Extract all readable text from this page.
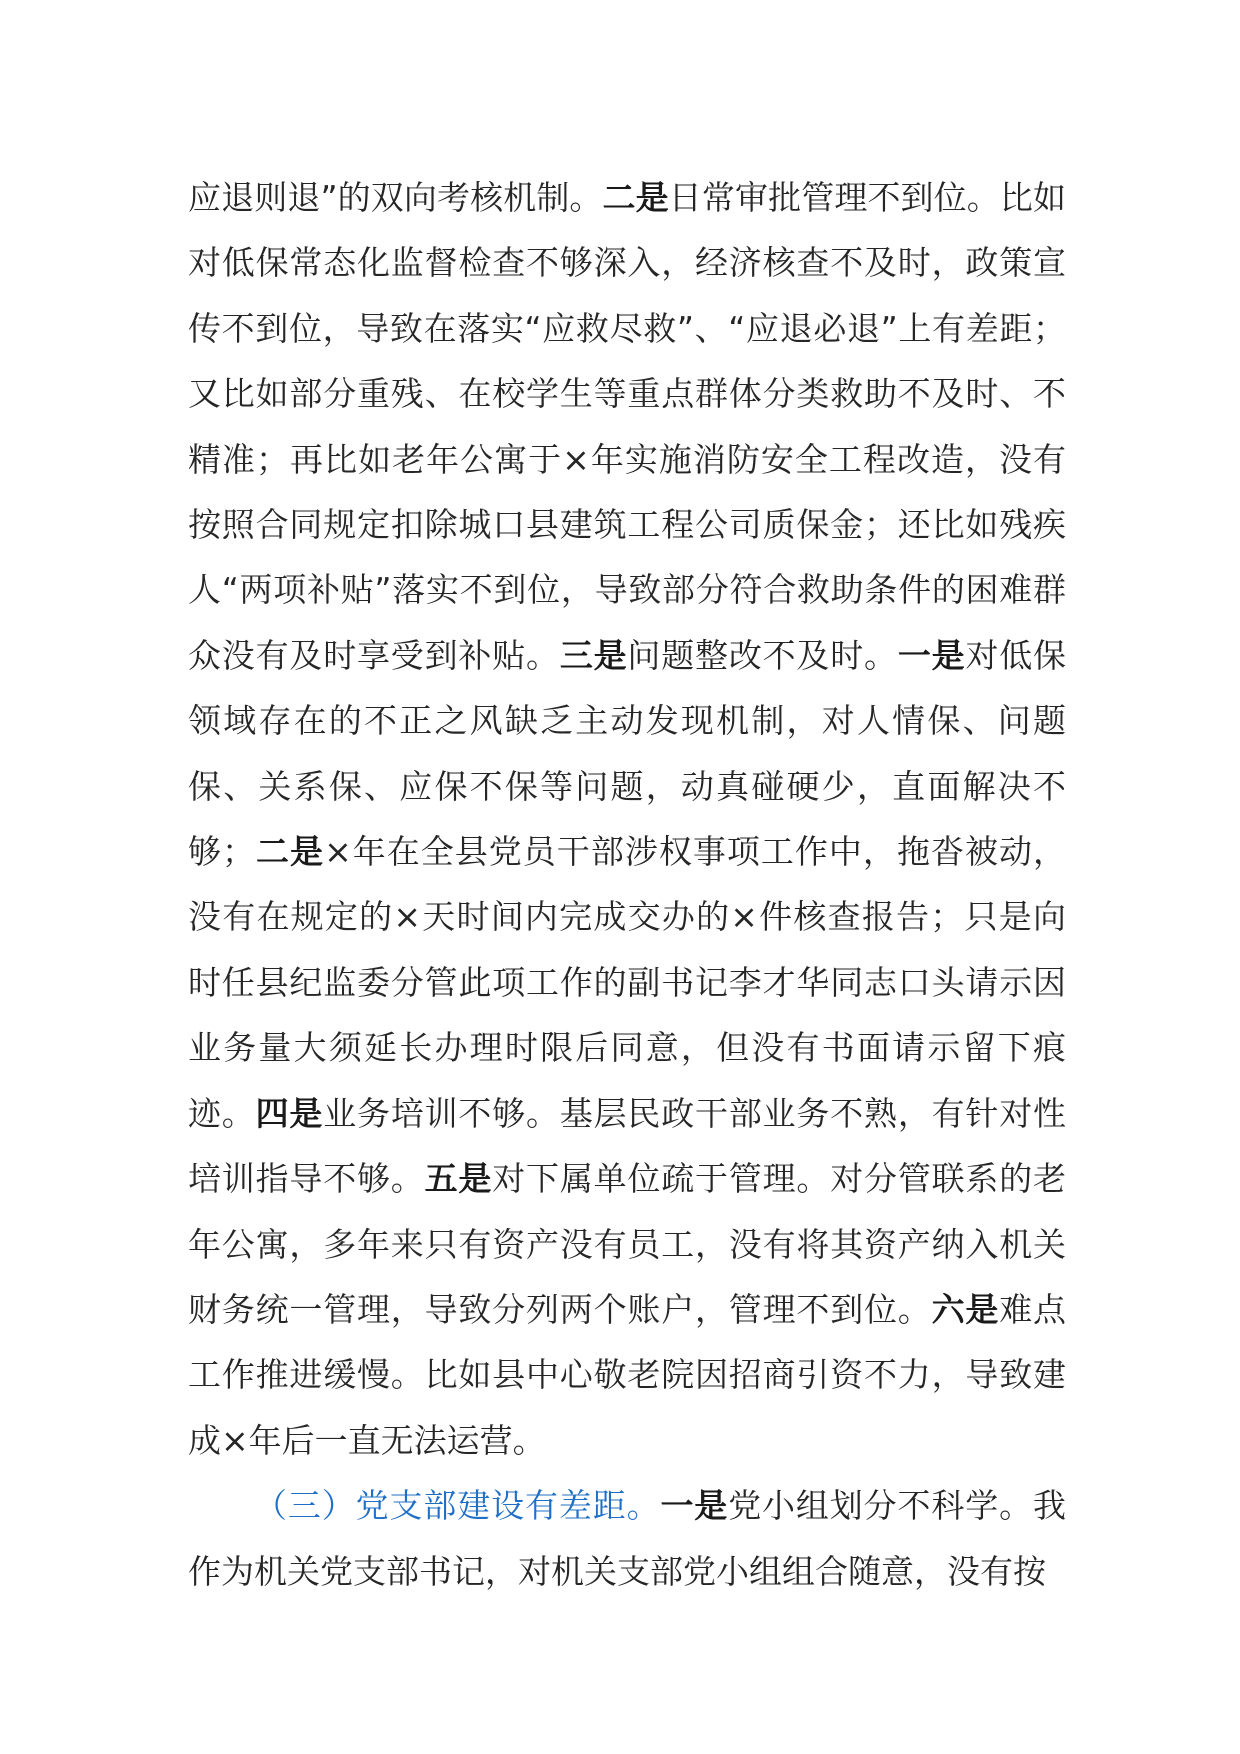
应退则退”的双向考核机制。二是日常审批管理不到位。比如对低保常态化监督检查不够深入，经济核查不及时，政策宣传不到位，导致在落实“应救尽救”、“应退必退”上有差距；又比如部分重残、在校学生等重点群体分类救助不及时、不精准；再比如老年公寓于×年实施消防安全工程改造，没有按照合同规定扣除城口县建筑工程公司质保金；还比如残疾人“两项补贴”落实不到位，导致部分符合救助条件的困难群众没有及时享受到补贴。三是问题整改不及时。一是对低保领域存在的不正之风缺乏主动发现机制，对人情保、问题保、关系保、应保不保等问题，动真碰硬少，直面解决不够；二是×年在全县党员干部涉权事项工作中，拖沓被动，没有在规定的×天时间内完成交办的×件核查报告；只是向时任县纪监委分管此项工作的副书记李才华同志口头请示因业务量大须延长办理时限后同意，但没有书面请示留下痕迹。四是业务培训不够。基层民政干部业务不熟，有针对性培训指导不够。五是对下属单位疏于管理。对分管联系的老年公寓，多年来只有资产没有员工，没有将其资产纳入机关财务统一管理，导致分列两个账户，管理不到位。六是难点工作推进缓慢。比如县中心敬老院因招商引资不力，导致建成×年后一直无法运营。

（三）党支部建设有差距。一是党小组划分不科学。我作为机关党支部书记，对机关支部党小组组合随意，没有按
